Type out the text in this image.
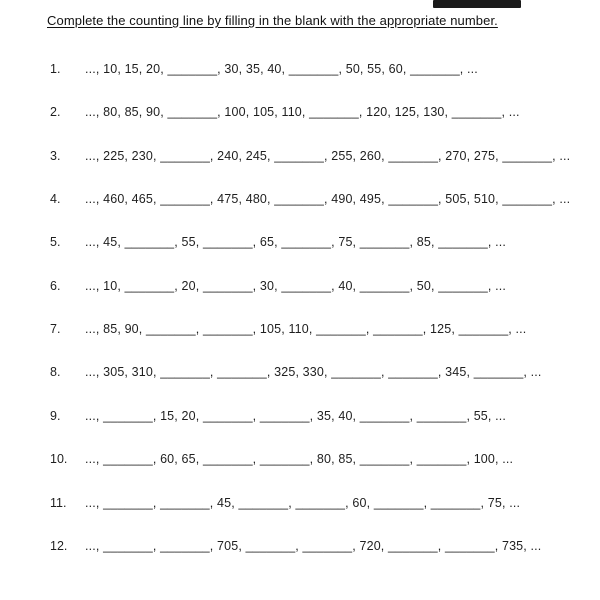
Complete the counting line by filling in the blank with the appropriate number.
1.	..., 10, 15, 20, _______, 30, 35, 40, _______, 50, 55, 60, _______, ...
2.	..., 80, 85, 90, _______, 100, 105, 110, _______, 120, 125, 130, _______, ...
3.	..., 225, 230, _______, 240, 245, _______, 255, 260, _______, 270, 275, _______, ...
4.	..., 460, 465, _______, 475, 480, _______, 490, 495, _______, 505, 510, _______, ...
5.	..., 45, _______, 55, _______, 65, _______, 75, _______, 85, _______, ...
6.	..., 10, _______, 20, _______, 30, _______, 40, _______, 50, _______, ...
7.	..., 85, 90, _______, _______, 105, 110, _______, _______, 125, _______, ...
8.	..., 305, 310, _______, _______, 325, 330, _______, _______, 345, _______, ...
9.	..., _______, 15, 20, _______, _______, 35, 40, _______, _______, 55, ...
10.	..., _______, 60, 65, _______, _______, 80, 85, _______, _______, 100, ...
11.	..., _______, _______, 45, _______, _______, 60, _______, _______, 75, ...
12.	..., _______, _______, 705, _______, _______, 720, _______, _______, 735, ...
